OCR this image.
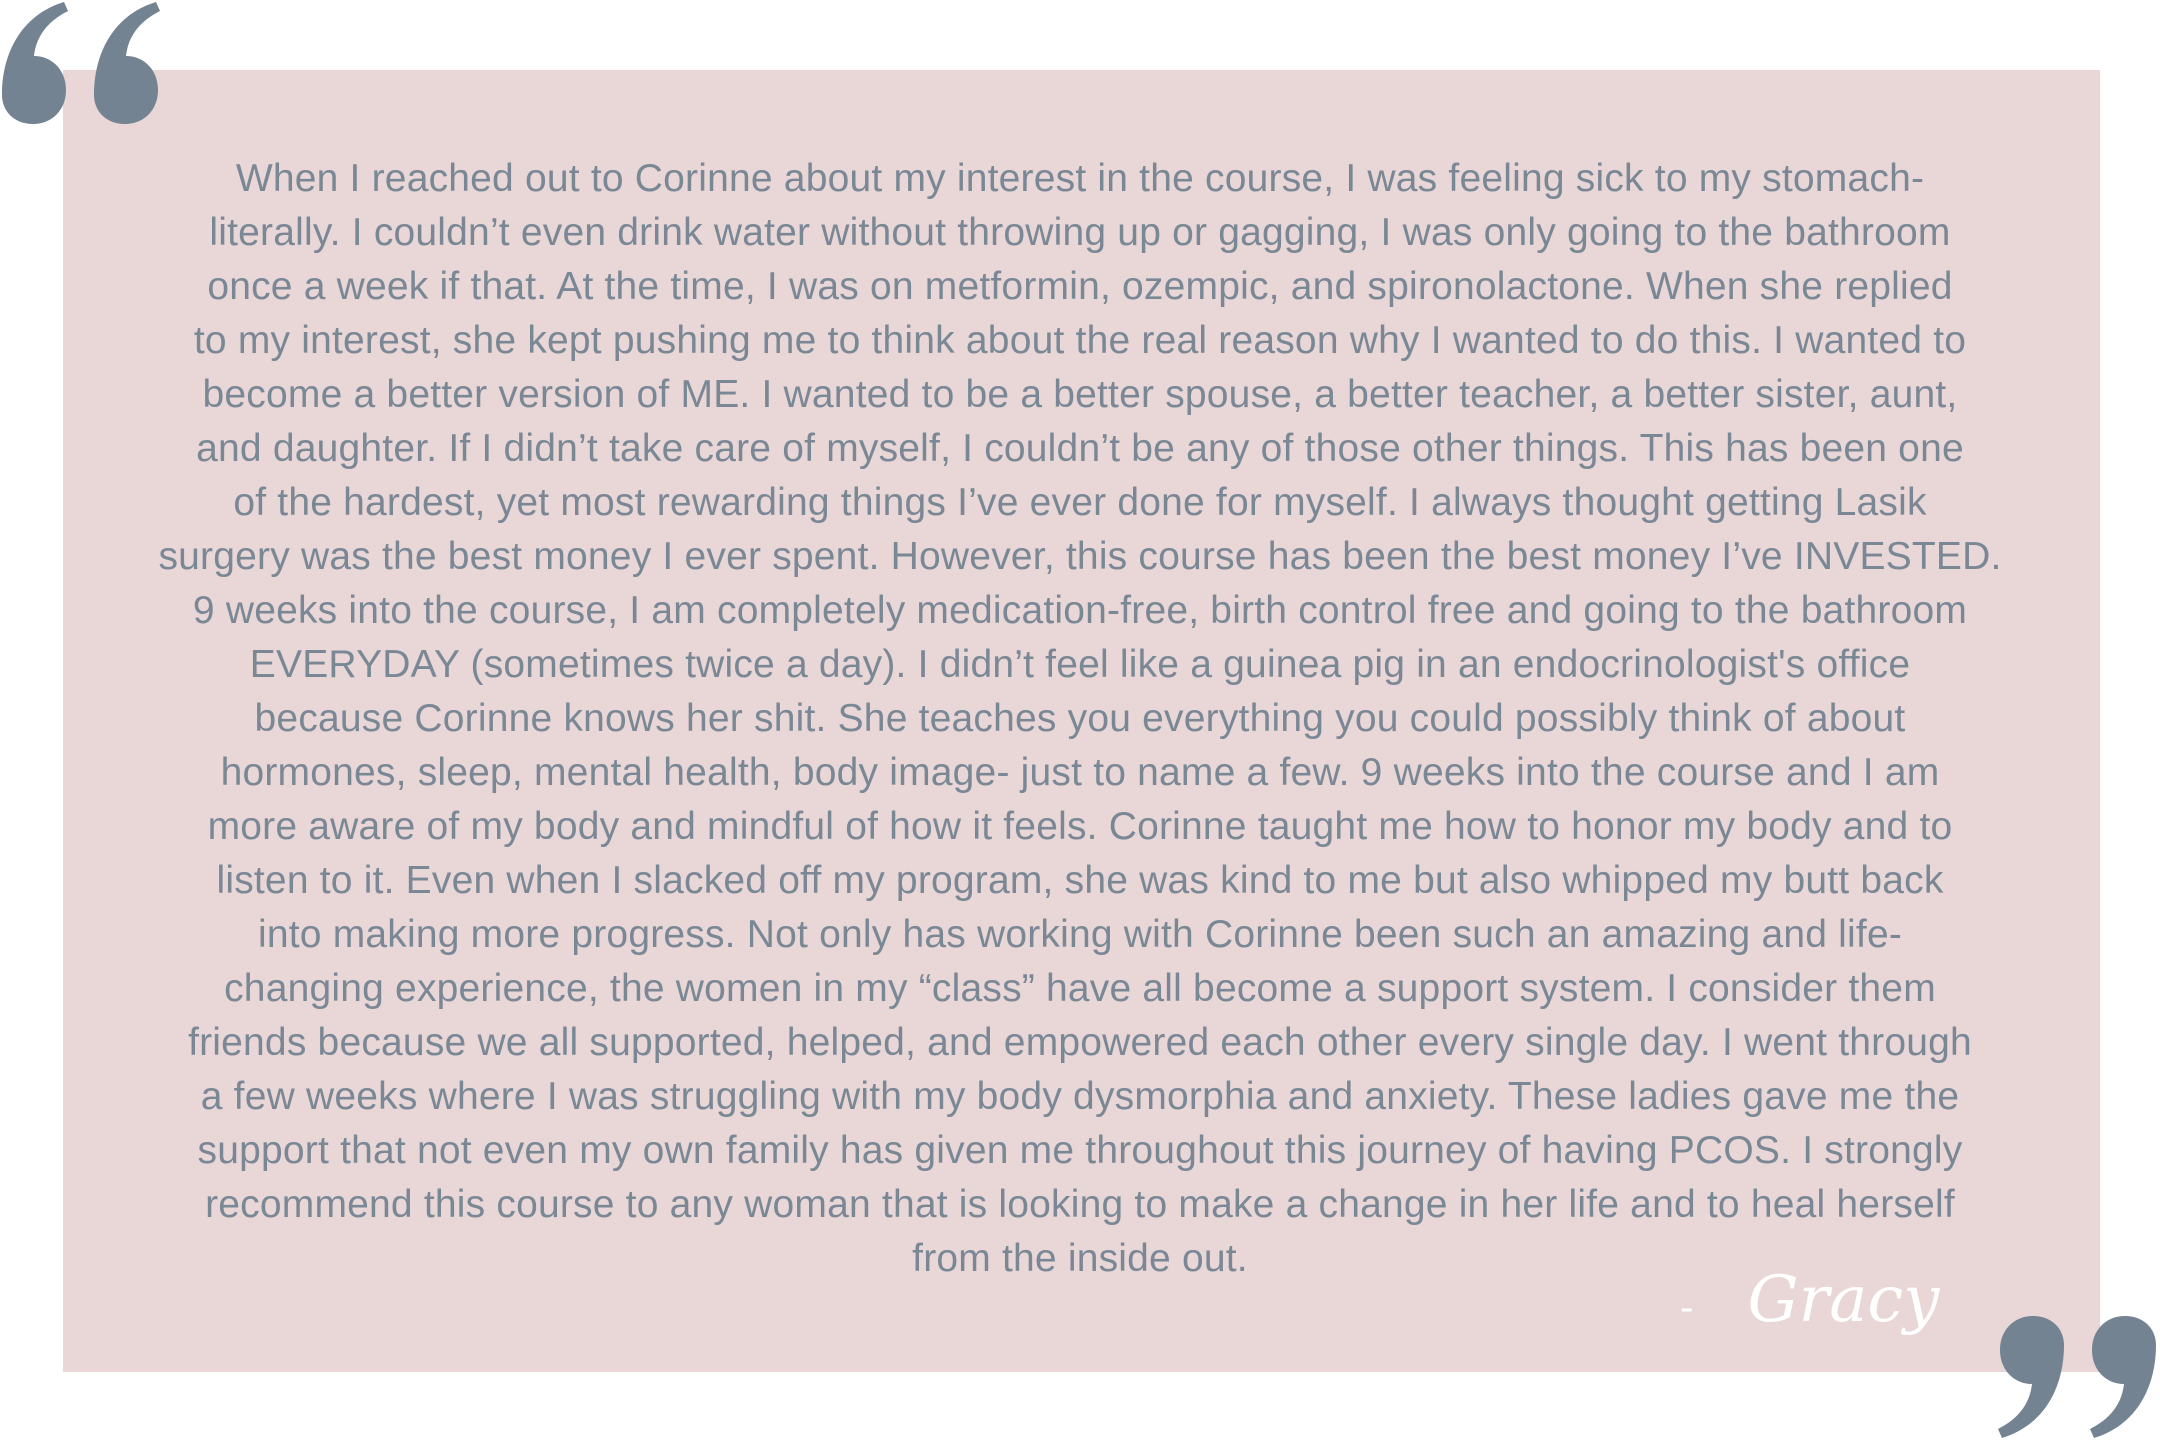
When I reached out to Corinne about my interest in the course, I was feeling sick to my stomach-
literally. I couldn’t even drink water without throwing up or gagging, I was only going to the bathroom
once a week if that. At the time, I was on metformin, ozempic, and spironolactone. When she replied
to my interest, she kept pushing me to think about the real reason why I wanted to do this. I wanted to
become a better version of ME. I wanted to be a better spouse, a better teacher, a better sister, aunt,
and daughter. If I didn’t take care of myself, I couldn’t be any of those other things. This has been one
of the hardest, yet most rewarding things I’ve ever done for myself. I always thought getting Lasik
surgery was the best money I ever spent. However, this course has been the best money I’ve INVESTED.
9 weeks into the course, I am completely medication-free, birth control free and going to the bathroom
EVERYDAY (sometimes twice a day). I didn’t feel like a guinea pig in an endocrinologist's office
because Corinne knows her shit. She teaches you everything you could possibly think of about
hormones, sleep, mental health, body image- just to name a few. 9 weeks into the course and I am
more aware of my body and mindful of how it feels. Corinne taught me how to honor my body and to
listen to it. Even when I slacked off my program, she was kind to me but also whipped my butt back
into making more progress. Not only has working with Corinne been such an amazing and life-
changing experience, the women in my “class” have all become a support system. I consider them
friends because we all supported, helped, and empowered each other every single day. I went through
a few weeks where I was struggling with my body dysmorphia and anxiety. These ladies gave me the
support that not even my own family has given me throughout this journey of having PCOS. I strongly
recommend this course to any woman that is looking to make a change in her life and to heal herself
from the inside out.

- Gracy
